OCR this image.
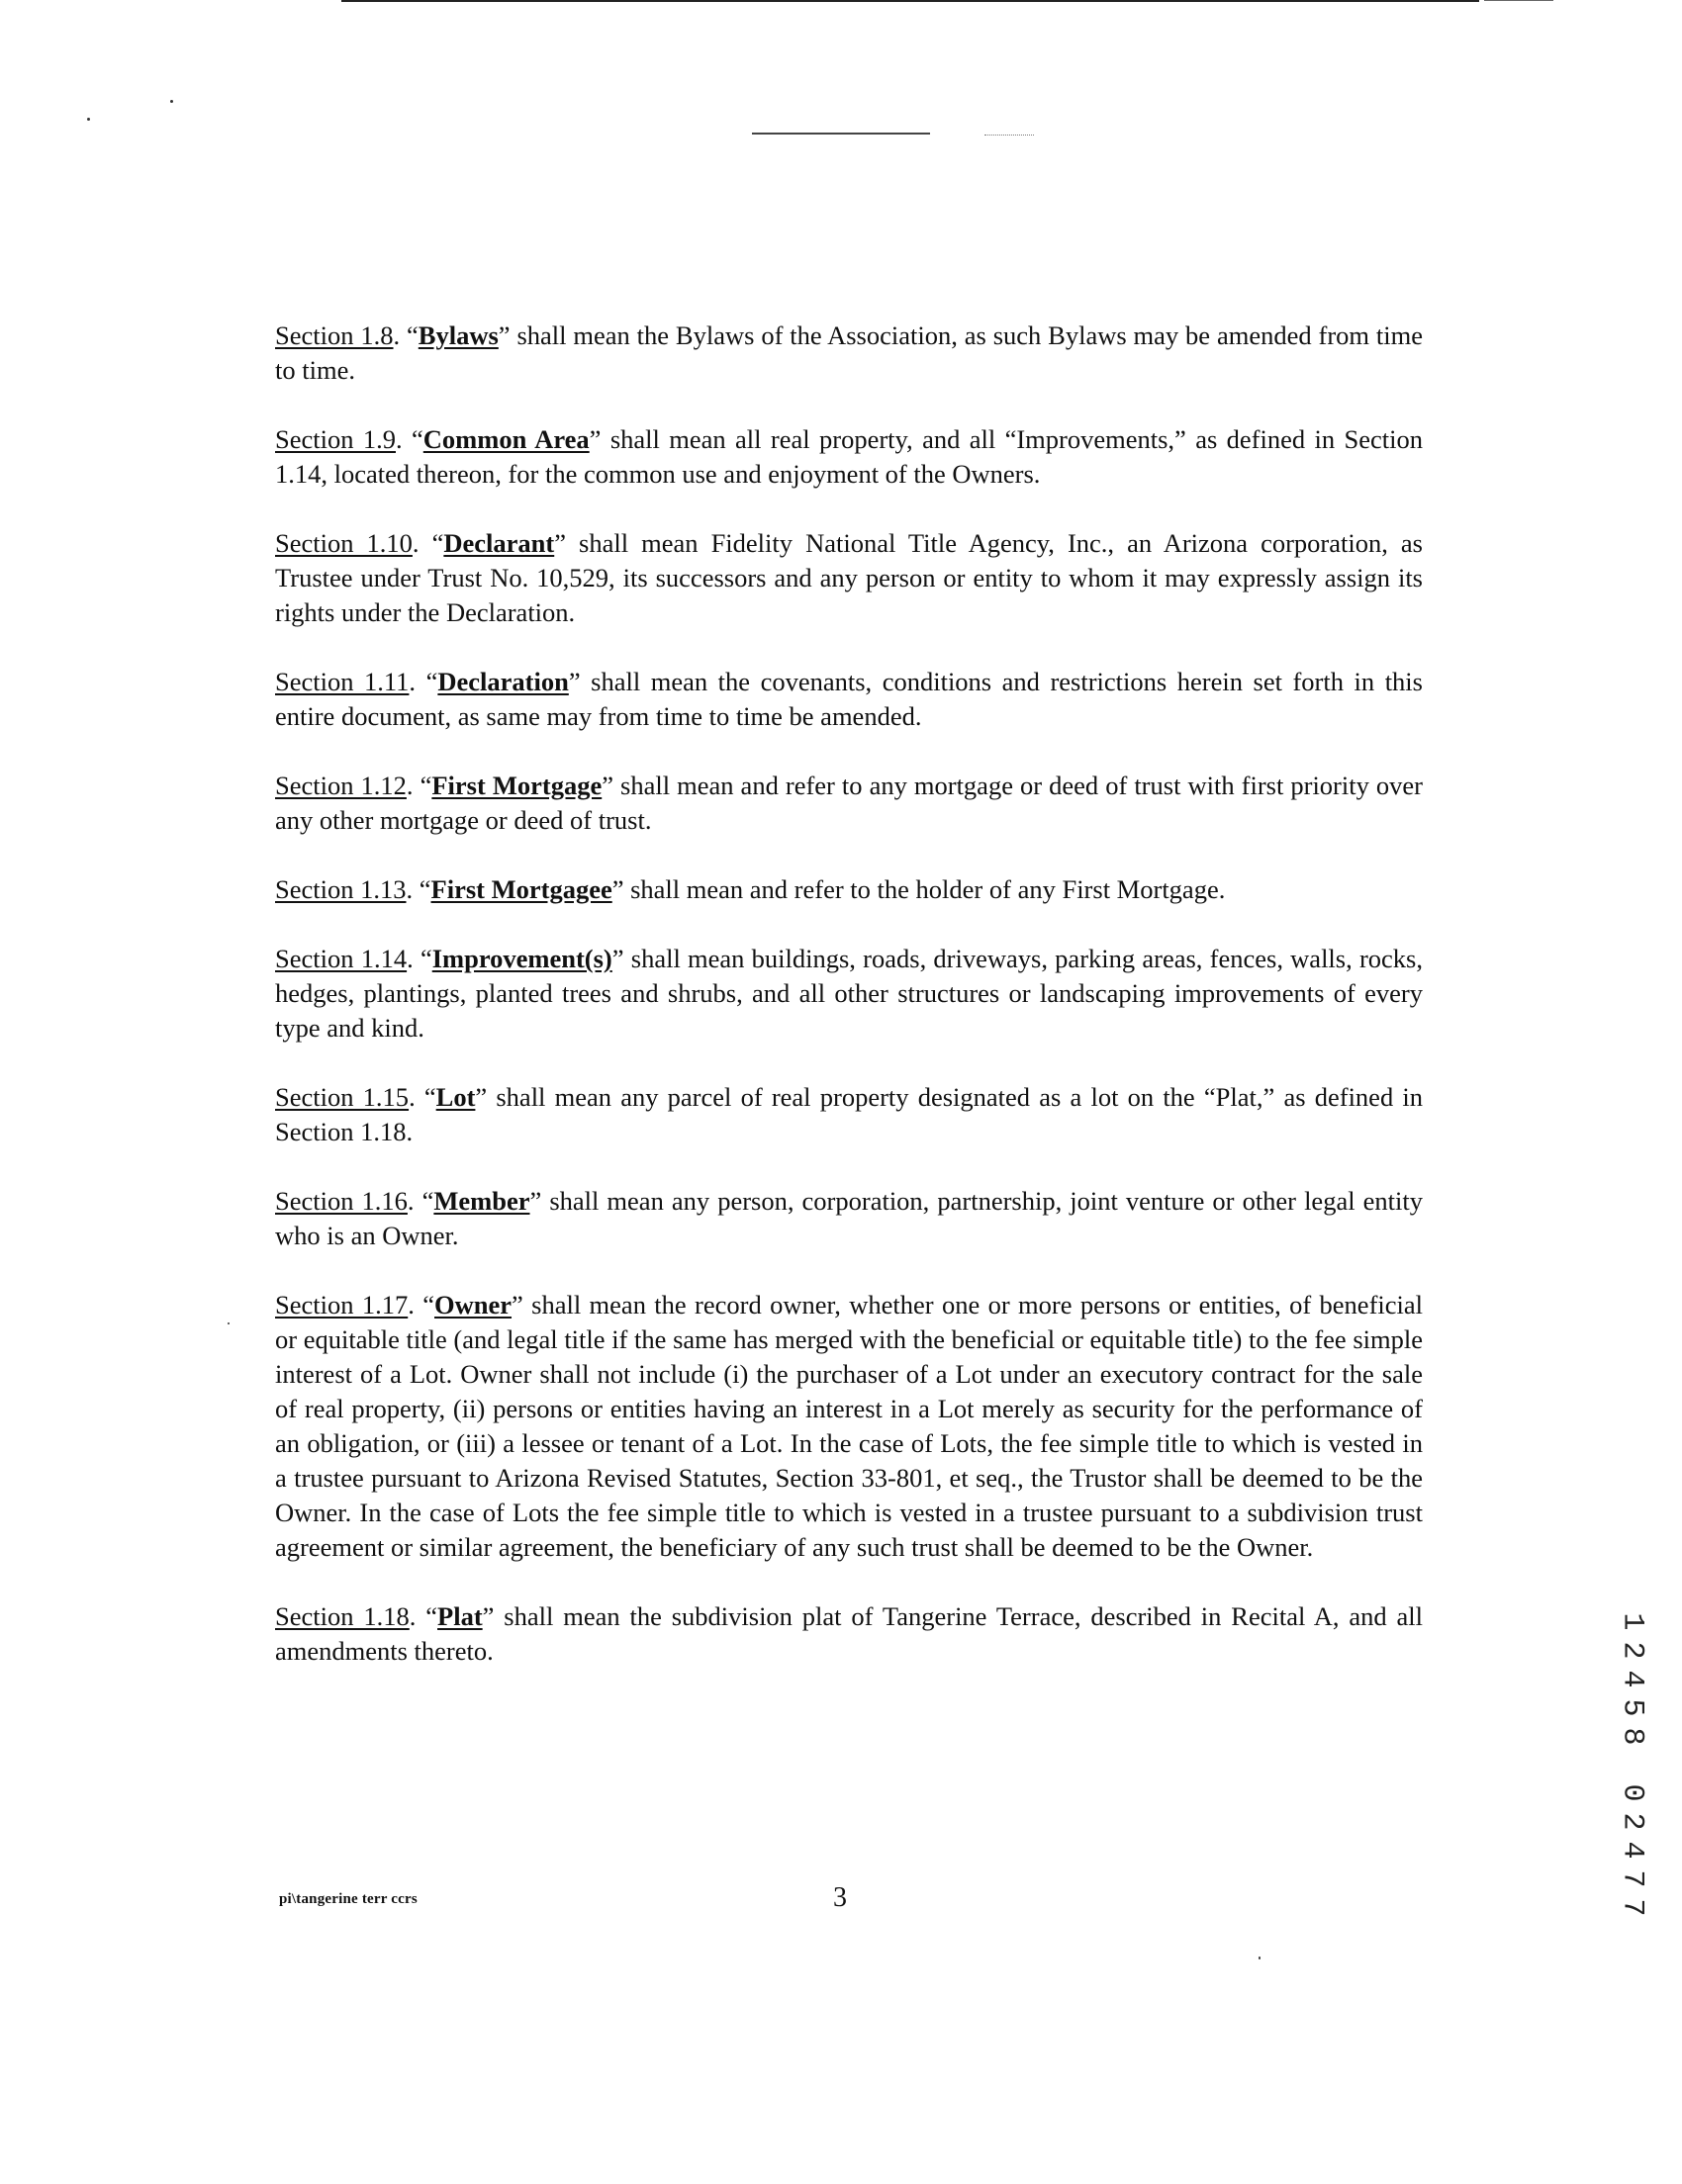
Section 1.8. “Bylaws” shall mean the Bylaws of the Association, as such Bylaws may be amended from time to time.

Section 1.9. “Common Area” shall mean all real property, and all “Improvements,” as defined in Section 1.14, located thereon, for the common use and enjoyment of the Owners.

Section 1.10. “Declarant” shall mean Fidelity National Title Agency, Inc., an Arizona corporation, as Trustee under Trust No. 10,529, its successors and any person or entity to whom it may expressly assign its rights under the Declaration.

Section 1.11. “Declaration” shall mean the covenants, conditions and restrictions herein set forth in this entire document, as same may from time to time be amended.

Section 1.12. “First Mortgage” shall mean and refer to any mortgage or deed of trust with first priority over any other mortgage or deed of trust.

Section 1.13. “First Mortgagee” shall mean and refer to the holder of any First Mortgage.

Section 1.14. “Improvement(s)” shall mean buildings, roads, driveways, parking areas, fences, walls, rocks, hedges, plantings, planted trees and shrubs, and all other structures or landscaping improvements of every type and kind.

Section 1.15. “Lot” shall mean any parcel of real property designated as a lot on the “Plat,” as defined in Section 1.18.

Section 1.16. “Member” shall mean any person, corporation, partnership, joint venture or other legal entity who is an Owner.

Section 1.17. “Owner” shall mean the record owner, whether one or more persons or entities, of beneficial or equitable title (and legal title if the same has merged with the beneficial or equitable title) to the fee simple interest of a Lot. Owner shall not include (i) the purchaser of a Lot under an executory contract for the sale of real property, (ii) persons or entities having an interest in a Lot merely as security for the performance of an obligation, or (iii) a lessee or tenant of a Lot. In the case of Lots, the fee simple title to which is vested in a trustee pursuant to Arizona Revised Statutes, Section 33-801, et seq., the Trustor shall be deemed to be the Owner. In the case of Lots the fee simple title to which is vested in a trustee pursuant to a subdivision trust agreement or similar agreement, the beneficiary of any such trust shall be deemed to be the Owner.

Section 1.18. “Plat” shall mean the subdivision plat of Tangerine Terrace, described in Recital A, and all amendments thereto.

pi\tangerine terr ccrs	3
1
2
4
5
8
0
2
4
7
7
